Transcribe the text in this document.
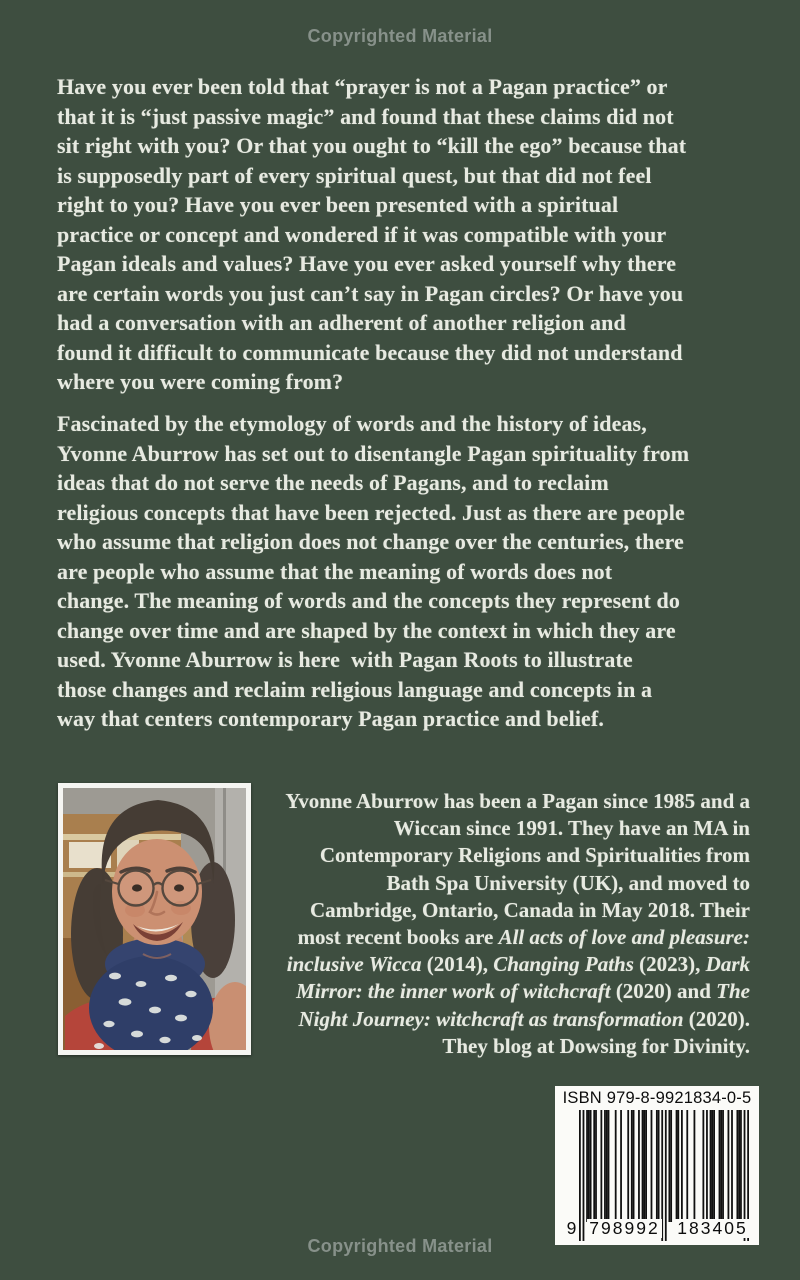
Copyrighted Material
Have you ever been told that “prayer is not a Pagan practice” or
that it is “just passive magic” and found that these claims did not
sit right with you? Or that you ought to “kill the ego” because that
is supposedly part of every spiritual quest, but that did not feel
right to you? Have you ever been presented with a spiritual
practice or concept and wondered if it was compatible with your
Pagan ideals and values? Have you ever asked yourself why there
are certain words you just can’t say in Pagan circles? Or have you
had a conversation with an adherent of another religion and
found it difficult to communicate because they did not understand
where you were coming from?
Fascinated by the etymology of words and the history of ideas,
Yvonne Aburrow has set out to disentangle Pagan spirituality from
ideas that do not serve the needs of Pagans, and to reclaim
religious concepts that have been rejected. Just as there are people
who assume that religion does not change over the centuries, there
are people who assume that the meaning of words does not
change. The meaning of words and the concepts they represent do
change over time and are shaped by the context in which they are
used. Yvonne Aburrow is here  with Pagan Roots to illustrate
those changes and reclaim religious language and concepts in a
way that centers contemporary Pagan practice and belief.
Yvonne Aburrow has been a Pagan since 1985 and a
Wiccan since 1991. They have an MA in
Contemporary Religions and Spiritualities from
Bath Spa University (UK), and moved to
Cambridge, Ontario, Canada in May 2018. Their
most recent books are All acts of love and pleasure:
inclusive Wicca (2014), Changing Paths (2023), Dark
Mirror: the inner work of witchcraft (2020) and The
Night Journey: witchcraft as transformation (2020).
They blog at Dowsing for Divinity.
ISBN 979-8-9921834-0-5
9 798992 183405
Copyrighted Material
